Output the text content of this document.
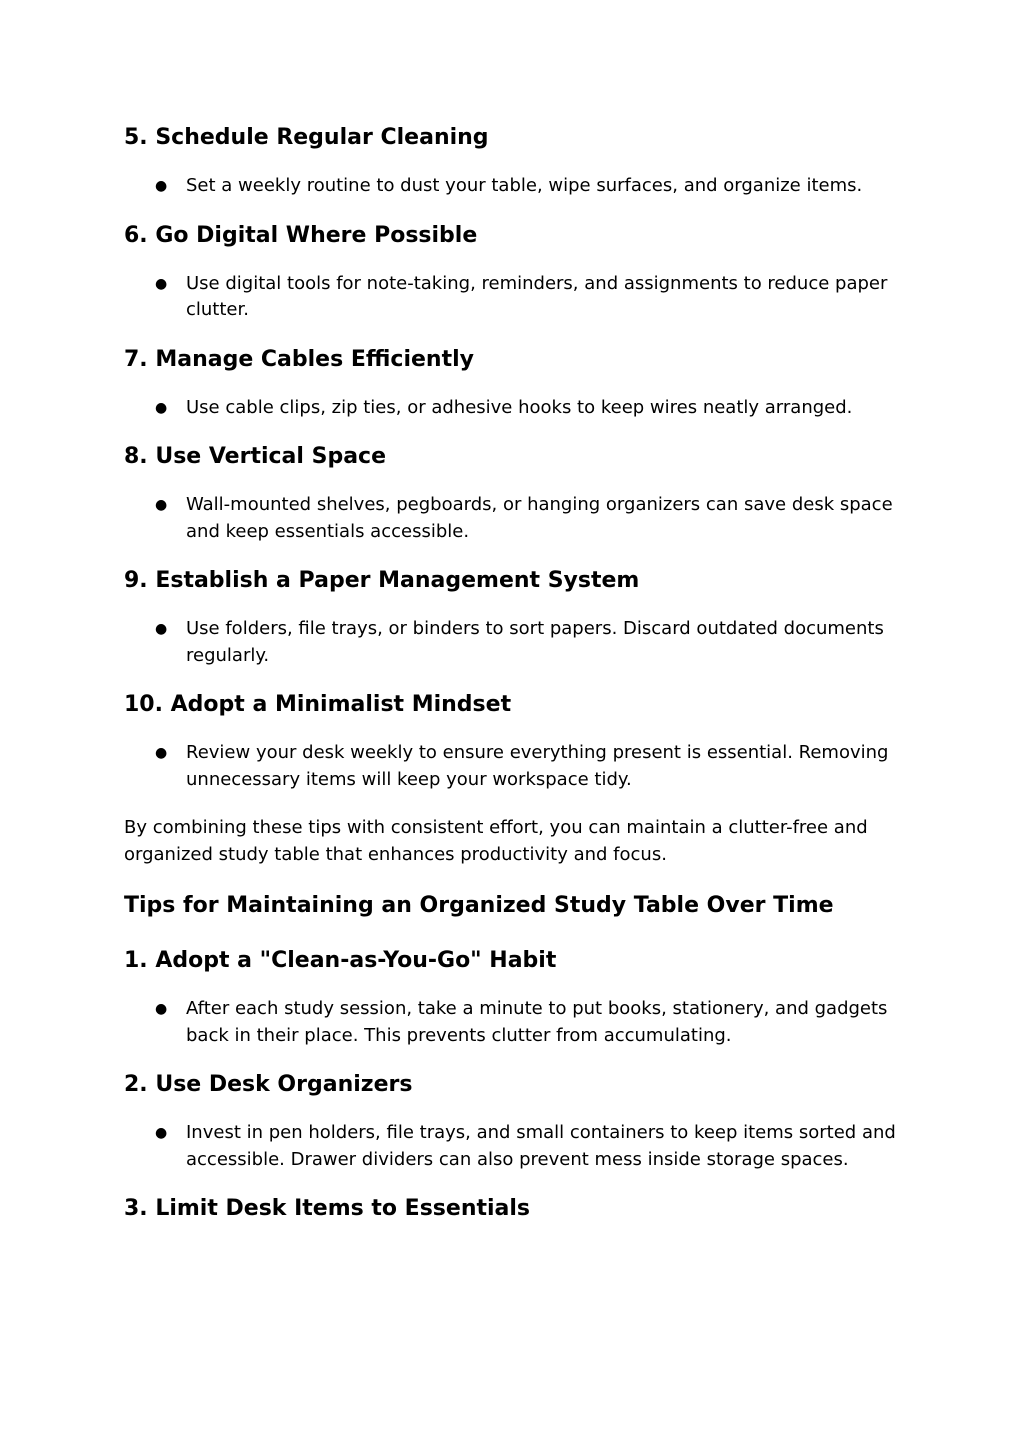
5. Schedule Regular Cleaning
● Set a weekly routine to dust your table, wipe surfaces, and organize items.
6. Go Digital Where Possible
● Use digital tools for note-taking, reminders, and assignments to reduce paper clutter.
7. Manage Cables Efficiently
● Use cable clips, zip ties, or adhesive hooks to keep wires neatly arranged.
8. Use Vertical Space
● Wall-mounted shelves, pegboards, or hanging organizers can save desk space and keep essentials accessible.
9. Establish a Paper Management System
● Use folders, file trays, or binders to sort papers. Discard outdated documents regularly.
10. Adopt a Minimalist Mindset
● Review your desk weekly to ensure everything present is essential. Removing unnecessary items will keep your workspace tidy.

By combining these tips with consistent effort, you can maintain a clutter-free and organized study table that enhances productivity and focus.

Tips for Maintaining an Organized Study Table Over Time
1. Adopt a "Clean-as-You-Go" Habit
● After each study session, take a minute to put books, stationery, and gadgets back in their place. This prevents clutter from accumulating.
2. Use Desk Organizers
● Invest in pen holders, file trays, and small containers to keep items sorted and accessible. Drawer dividers can also prevent mess inside storage spaces.
3. Limit Desk Items to Essentials
